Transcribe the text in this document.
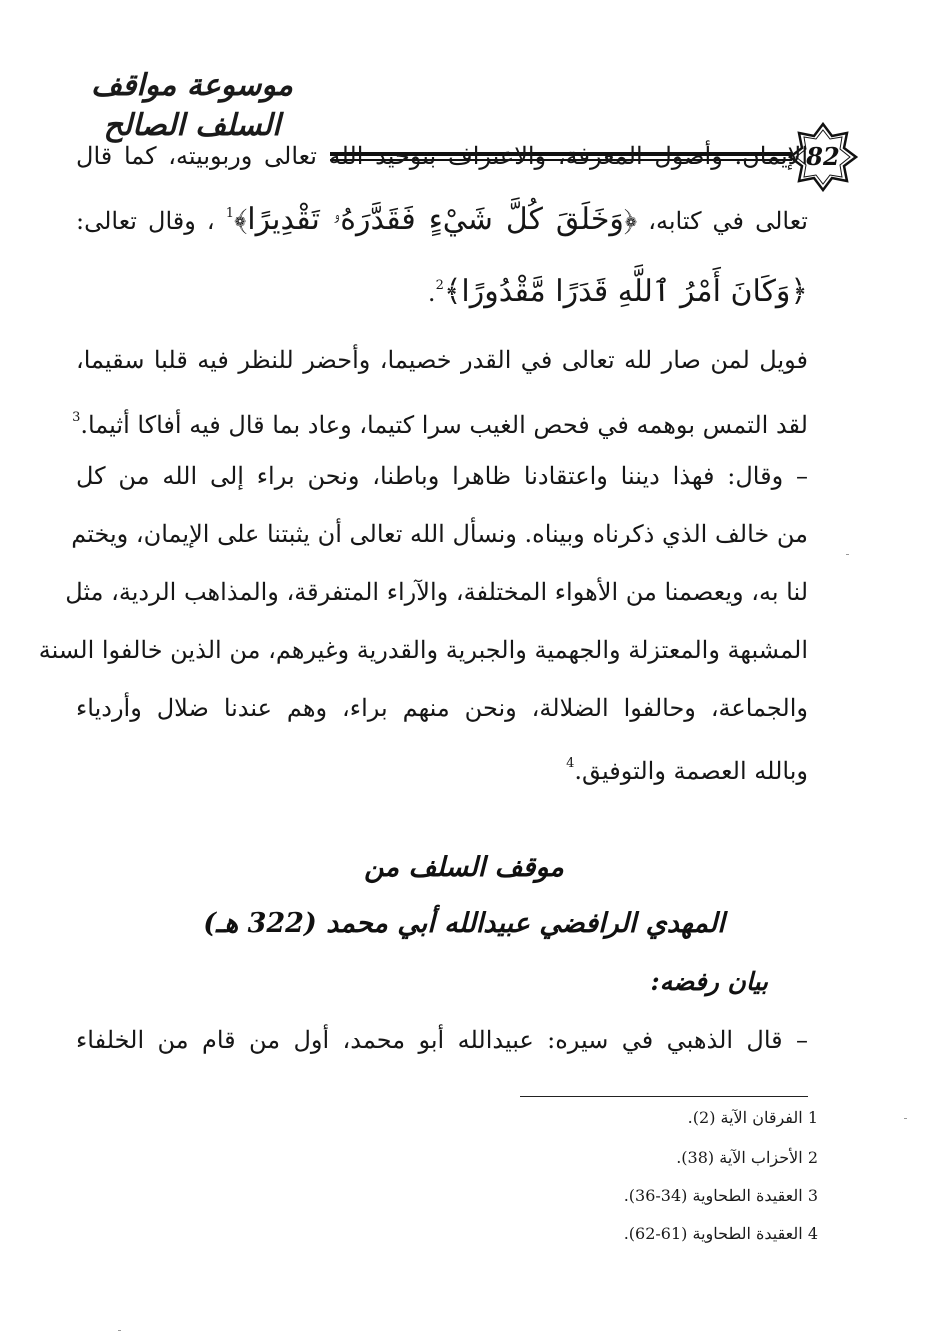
موسوعة مواقف السلف الصالح
82
الإيمان. وأصول المعرفة، والاعتراف بتوحيد الله تعالى وربوبيته، كما قال
تعالى في كتابه، ﴿وَخَلَقَ كُلَّ شَيْءٍ فَقَدَّرَهُۥ تَقْدِيرًا﴾$^1$ ، وقال تعالى:
﴿وَكَانَ أَمْرُ ٱللَّهِ قَدَرًا مَّقْدُورًا﴾$^2$.
فويل لمن صار لله تعالى في القدر خصيما، وأحضر للنظر فيه قلبا سقيما،
لقد التمس بوهمه في فحص الغيب سرا كتيما، وعاد بما قال فيه أفاكا أثيما.$^3$
– وقال: فهذا ديننا واعتقادنا ظاهرا وباطنا، ونحن براء إلى الله من كل
من خالف الذي ذكرناه وبيناه. ونسأل الله تعالى أن يثبتنا على الإيمان، ويختم
لنا به، ويعصمنا من الأهواء المختلفة، والآراء المتفرقة، والمذاهب الردية، مثل
المشبهة والمعتزلة والجهمية والجبرية والقدرية وغيرهم، من الذين خالفوا السنة
والجماعة، وحالفوا الضلالة، ونحن منهم براء، وهم عندنا ضلال وأردياء
وبالله العصمة والتوفيق.$^4$
موقف السلف من
المهدي الرافضي عبيدالله أبي محمد (322 هـ)
بيان رفضه:
– قال الذهبي في سيره: عبيدالله أبو محمد، أول من قام من الخلفاء
1 الفرقان الآية (2).
2 الأحزاب الآية (38).
3 العقيدة الطحاوية (34-36).
4 العقيدة الطحاوية (61-62).
